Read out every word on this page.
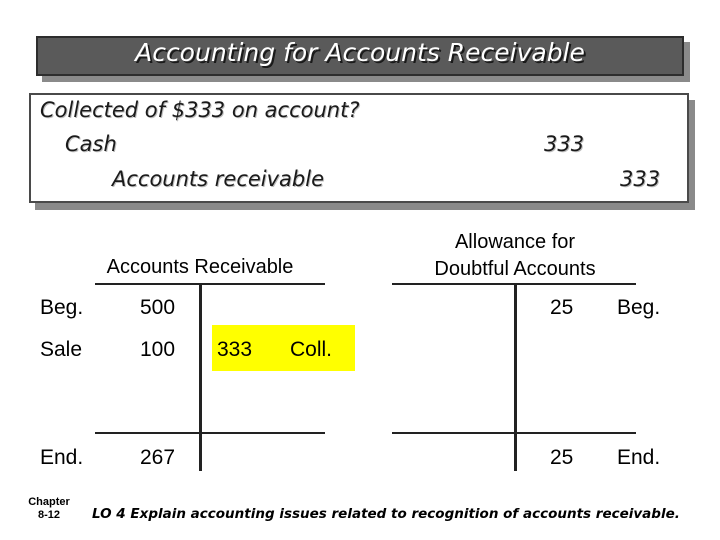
Accounting for Accounts Receivable
Collected of $333 on account?
Cash	333
Accounts receivable	333
Accounts Receivable
Beg.	500
Sale	100 333 Coll.
End.	267
Allowance for
Doubtful Accounts
25 Beg.
25 End.
Chapter
8-12	LO 4 Explain accounting issues related to recognition of accounts receivable.
